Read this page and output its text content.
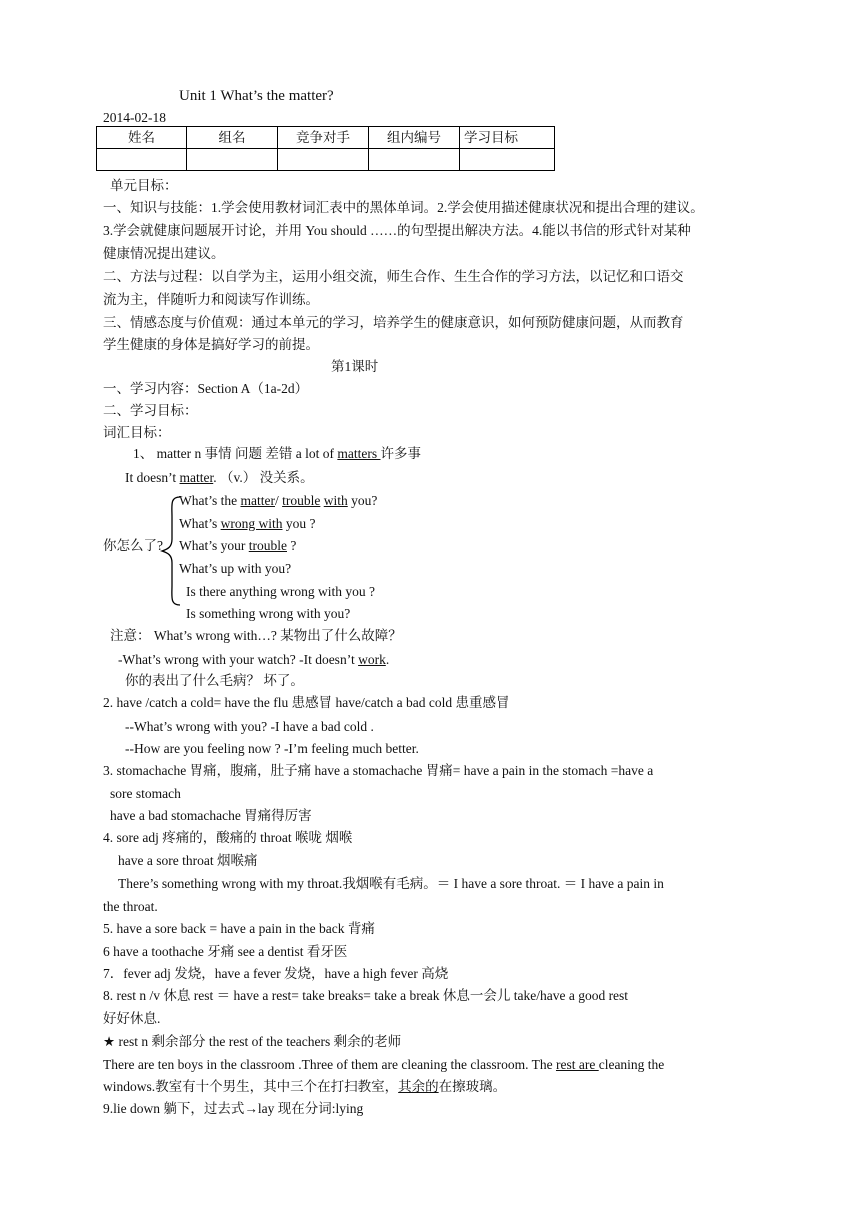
Unit 1 What’s the matter?
2014-02-18
姓名	组名	竞争对手	组内编号	学习目标

单元目标：
一、知识与技能：1.学会使用教材词汇表中的黑体单词。2.学会使用描述健康状况和提出合理的建议。
3.学会就健康问题展开讨论，并用 You should ……的句型提出解决方法。4.能以书信的形式针对某种
健康情况提出建议。
二、方法与过程：以自学为主，运用小组交流，师生合作、生生合作的学习方法，以记忆和口语交
流为主，伴随听力和阅读写作训练。
三、情感态度与价值观：通过本单元的学习，培养学生的健康意识，如何预防健康问题，从而教育
学生健康的身体是搞好学习的前提。
第1课时
一、学习内容：Section A（1a-2d）
二、学习目标：
词汇目标：
1、 matter n 事情 问题 差错 a lot of matters 许多事
It doesn’t matter. （v.） 没关系。
你怎么了?
What’s the matter/ trouble with you?
What’s wrong with you ?
What’s your trouble ?
What’s up with you?
Is there anything wrong with you ?
Is something wrong with you?
注意： What’s wrong with…? 某物出了什么故障？
-What’s wrong with your watch? -It doesn’t work.
你的表出了什么毛病？ 坏了。
2. have /catch a cold= have the flu 患感冒 have/catch a bad cold 患重感冒
--What’s wrong with you? -I have a bad cold .
--How are you feeling now ? -I’m feeling much better.
3. stomachache 胃痛，腹痛，肚子痛 have a stomachache 胃痛= have a pain in the stomach =have a
sore stomach
have a bad stomachache 胃痛得厉害
4. sore adj 疼痛的，酸痛的 throat 喉咙 烟喉
have a sore throat 烟喉痛
There’s something wrong with my throat.我烟喉有毛病。＝ I have a sore throat. ＝ I have a pain in
the throat.
5. have a sore back = have a pain in the back 背痛
6 have a toothache 牙痛 see a dentist 看牙医
7．fever adj 发烧，have a fever 发烧，have a high fever 高烧
8. rest n /v 休息 rest ＝ have a rest= take breaks= take a break 休息一会儿 take/have a good rest
好好休息.
★ rest n 剩余部分 the rest of the teachers 剩余的老师
There are ten boys in the classroom .Three of them are cleaning the classroom. The rest are cleaning the
windows.教室有十个男生，其中三个在打扫教室，其余的在擦玻璃。
9.lie down 躺下，过去式→lay 现在分词:lying
